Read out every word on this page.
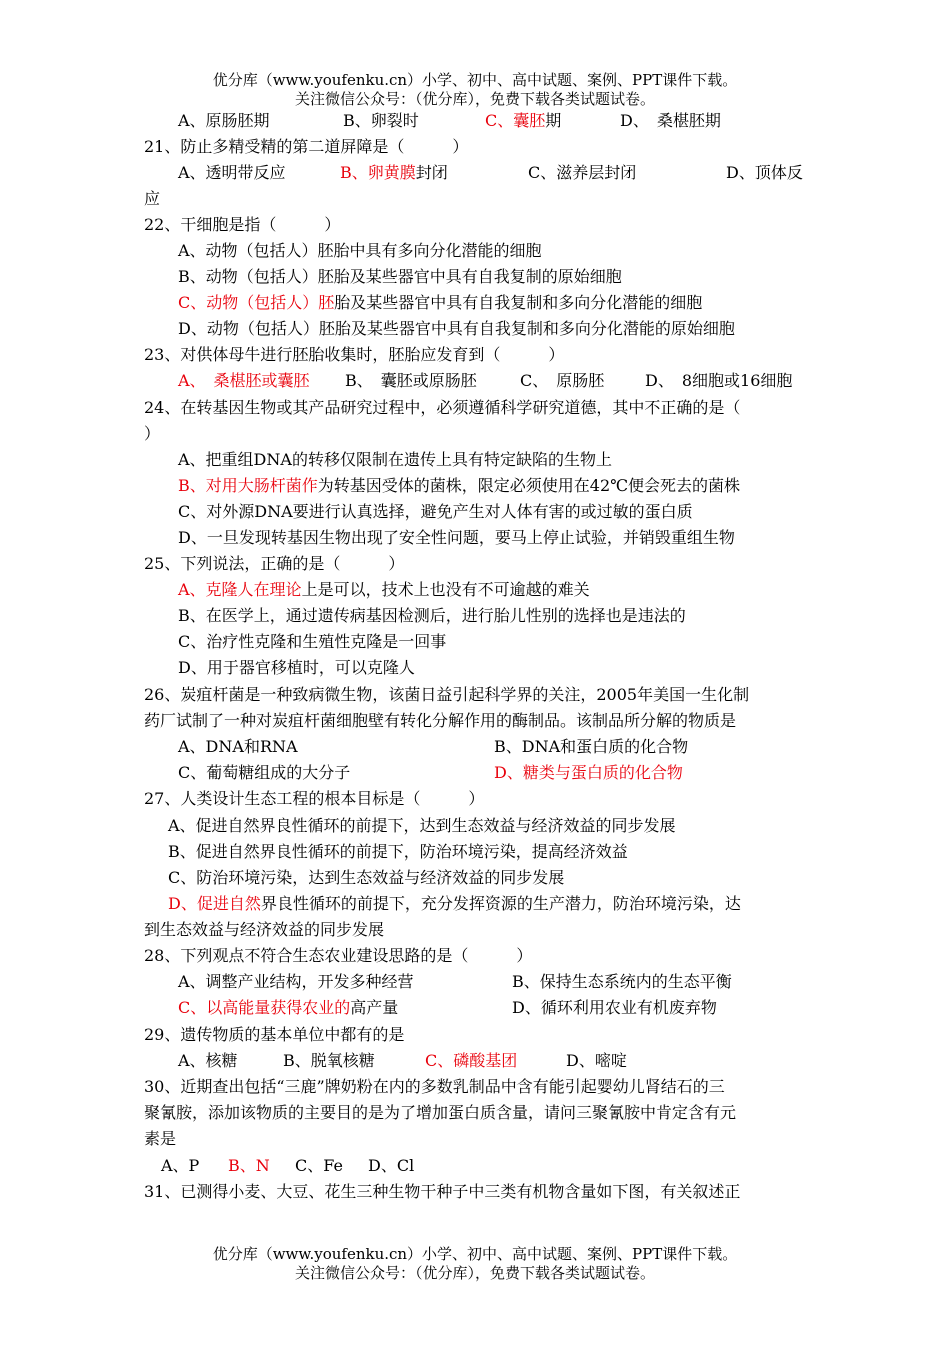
优分库（www.youfenku.cn）小学、初中、高中试题、案例、PPT课件下载。
关注微信公众号：（优分库），免费下载各类试题试卷。
A、原肠胚期	B、卵裂时	C、囊胚期	D、　桑椹胚期
21、防止多精受精的第二道屏障是（　　　）
A、透明带反应	B、卵黄膜封闭	C、滋养层封闭	D、顶体反
应
22、干细胞是指（　　　）
A、动物（包括人）胚胎中具有多向分化潜能的细胞
B、动物（包括人）胚胎及某些器官中具有自我复制的原始细胞
C、动物（包括人）胚胎及某些器官中具有自我复制和多向分化潜能的细胞
D、动物（包括人）胚胎及某些器官中具有自我复制和多向分化潜能的原始细胞
23、对供体母牛进行胚胎收集时，胚胎应发育到（　　　）
A、　桑椹胚或囊胚 B、　囊胚或原肠胚	C、　原肠胚	D、　8细胞或16细胞
24、在转基因生物或其产品研究过程中，必须遵循科学研究道德，其中不正确的是（
）
A、把重组DNA的转移仅限制在遗传上具有特定缺陷的生物上
B、对用大肠杆菌作为转基因受体的菌株，限定必须使用在42℃便会死去的菌株
C、对外源DNA要进行认真选择，避免产生对人体有害的或过敏的蛋白质
D、一旦发现转基因生物出现了安全性问题，要马上停止试验，并销毁重组生物
25、下列说法，正确的是（　　　）
A、克隆人在理论上是可以，技术上也没有不可逾越的难关
B、在医学上，通过遗传病基因检测后，进行胎儿性别的选择也是违法的
C、治疗性克隆和生殖性克隆是一回事
D、用于器官移植时，可以克隆人
26、炭疽杆菌是一种致病微生物，该菌日益引起科学界的关注，2005年美国一生化制
药厂试制了一种对炭疽杆菌细胞壁有转化分解作用的酶制品。该制品所分解的物质是
A、DNA和RNA	B、DNA和蛋白质的化合物
C、葡萄糖组成的大分子	D、糖类与蛋白质的化合物
27、人类设计生态工程的根本目标是（　　　）
A、促进自然界良性循环的前提下，达到生态效益与经济效益的同步发展
B、促进自然界良性循环的前提下，防治环境污染，提高经济效益
C、防治环境污染，达到生态效益与经济效益的同步发展
D、促进自然界良性循环的前提下，充分发挥资源的生产潜力，防治环境污染，达
到生态效益与经济效益的同步发展
28、下列观点不符合生态农业建设思路的是（　　　）
A、调整产业结构，开发多种经营	B、保持生态系统内的生态平衡
C、以高能量获得农业的高产量	D、循环利用农业有机废弃物
29、遗传物质的基本单位中都有的是
A、核糖	B、脱氧核糖	C、磷酸基团	D、嘧啶
30、近期查出包括“三鹿”牌奶粉在内的多数乳制品中含有能引起婴幼儿肾结石的三
聚氰胺，添加该物质的主要目的是为了增加蛋白质含量，请问三聚氰胺中肯定含有元
素是
A、P B、N C、Fe D、Cl
31、已测得小麦、大豆、花生三种生物干种子中三类有机物含量如下图，有关叙述正
优分库（www.youfenku.cn）小学、初中、高中试题、案例、PPT课件下载。
关注微信公众号：（优分库），免费下载各类试题试卷。
